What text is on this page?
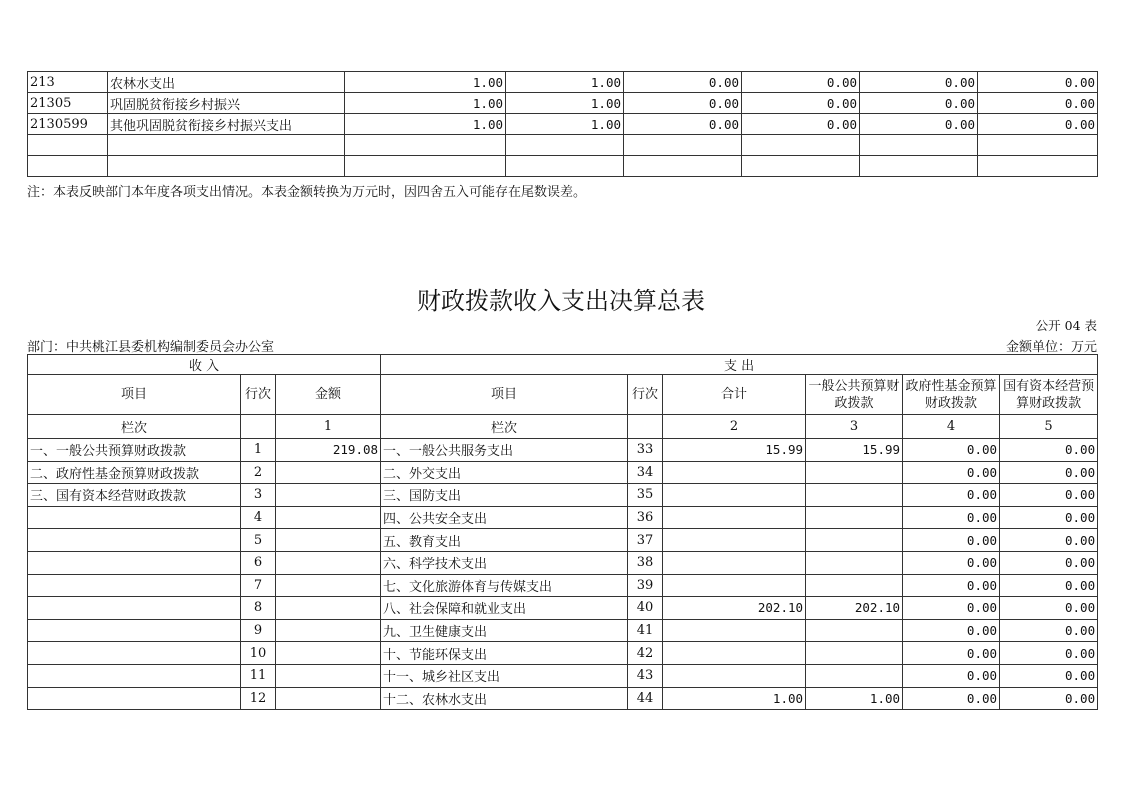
213	农林水支出	1.00	1.00	0.00	0.00	0.00	0.00
21305	巩固脱贫衔接乡村振兴	1.00	1.00	0.00	0.00	0.00	0.00
2130599	其他巩固脱贫衔接乡村振兴支出	1.00	1.00	0.00	0.00	0.00	0.00

注：本表反映部门本年度各项支出情况。本表金额转换为万元时，因四舍五入可能存在尾数误差。
财政拨款收入支出决算总表
公开 04 表
部门：中共桃江县委机构编制委员会办公室	金额单位：万元
收 入			支 出					
项目	行次	金额	项目	行次	合计	一般公共预算财政拨款	政府性基金预算财政拨款	国有资本经营预算财政拨款
栏次		1	栏次		2	3	4	5
一、一般公共预算财政拨款	1	219.08	一、一般公共服务支出	33	15.99	15.99	0.00	0.00
二、政府性基金预算财政拨款	2		二、外交支出	34			0.00	0.00
三、国有资本经营财政拨款	3		三、国防支出	35			0.00	0.00
	4		四、公共安全支出	36			0.00	0.00
	5		五、教育支出	37			0.00	0.00
	6		六、科学技术支出	38			0.00	0.00
	7		七、文化旅游体育与传媒支出	39			0.00	0.00
	8		八、社会保障和就业支出	40	202.10	202.10	0.00	0.00
	9		九、卫生健康支出	41			0.00	0.00
	10		十、节能环保支出	42			0.00	0.00
	11		十一、城乡社区支出	43			0.00	0.00
	12		十二、农林水支出	44	1.00	1.00	0.00	0.00
